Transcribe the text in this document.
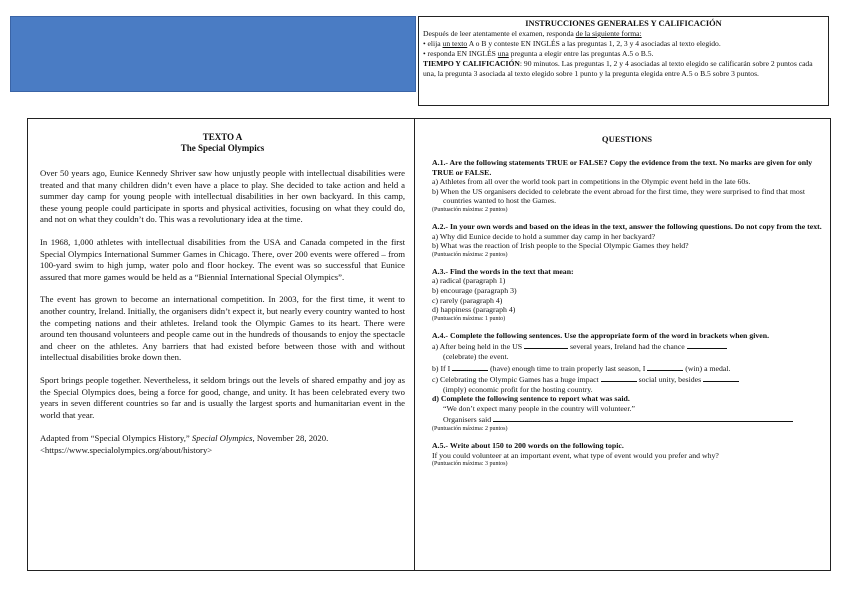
INSTRUCCIONES GENERALES Y CALIFICACIÓN
Después de leer atentamente el examen, responda de la siguiente forma:
• elija un texto A o B y conteste EN INGLÉS a las preguntas 1, 2, 3 y 4 asociadas al texto elegido.
• responda EN INGLÉS una pregunta a elegir entre las preguntas A.5 o B.5.
TIEMPO Y CALIFICACIÓN: 90 minutos. Las preguntas 1, 2 y 4 asociadas al texto elegido se calificarán sobre 2 puntos cada una, la pregunta 3 asociada al texto elegido sobre 1 punto y la pregunta elegida entre A.5 o B.5 sobre 3 puntos.
TEXTO A
The Special Olympics

Over 50 years ago, Eunice Kennedy Shriver saw how unjustly people with intellectual disabilities were treated and that many children didn’t even have a place to play. She decided to take action and held a summer day camp for young people with intellectual disabilities in her own backyard. In this camp, these young people could participate in sports and physical activities, focusing on what they could do, and not on what they couldn’t do. This was a revolutionary idea at the time.

In 1968, 1,000 athletes with intellectual disabilities from the USA and Canada competed in the first Special Olympics International Summer Games in Chicago. There, over 200 events were offered – from 100-yard swim to high jump, water polo and floor hockey. The event was so successful that Eunice assured that more games would be held as a “Biennial International Special Olympics”.

The event has grown to become an international competition. In 2003, for the first time, it went to another country, Ireland. Initially, the organisers didn’t expect it, but nearly every country wanted to host the competing nations and their athletes. Ireland took the Olympic Games to its heart. There were around ten thousand volunteers and people came out in the hundreds of thousands to enjoy the spectacle and cheer on the athletes. Any barriers that had existed before between those with and without intellectual disabilities broke down then.

Sport brings people together. Nevertheless, it seldom brings out the levels of shared empathy and joy as the Special Olympics does, being a force for good, change, and unity. It has been celebrated every two years in seven different countries so far and is usually the largest sports and humanitarian event in the world that year.

Adapted from “Special Olympics History,” Special Olympics, November 28, 2020. <https://www.specialolympics.org/about/history>

QUESTIONS
A.1.- Are the following statements TRUE or FALSE? Copy the evidence from the text. No marks are given for only TRUE or FALSE.
a) Athletes from all over the world took part in competitions in the Olympic event held in the late 60s.
b) When the US organisers decided to celebrate the event abroad for the first time, they were surprised to find that most countries wanted to host the Games.
(Puntuación máxima: 2 puntos)
A.2.- In your own words and based on the ideas in the text, answer the following questions. Do not copy from the text.
a) Why did Eunice decide to hold a summer day camp in her backyard?
b) What was the reaction of Irish people to the Special Olympic Games they held?
(Puntuación máxima: 2 puntos)
A.3.- Find the words in the text that mean:
a) radical (paragraph 1)
b) encourage (paragraph 3)
c) rarely (paragraph 4)
d) happiness (paragraph 4)
(Puntuación máxima: 1 punto)
A.4.- Complete the following sentences. Use the appropriate form of the word in brackets when given.
a) After being held in the US	several years, Ireland had the chance
(celebrate) the event.
b) If I	(have) enough time to train properly last season, I	(win) a medal.
c) Celebrating the Olympic Games has a huge impact	social unity, besides
(imply) economic profit for the hosting country.
d) Complete the following sentence to report what was said.
“We don’t expect many people in the country will volunteer.”
Organisers said
(Puntuación máxima: 2 puntos)
A.5.- Write about 150 to 200 words on the following topic.
If you could volunteer at an important event, what type of event would you prefer and why?
(Puntuación máxima: 3 puntos)
